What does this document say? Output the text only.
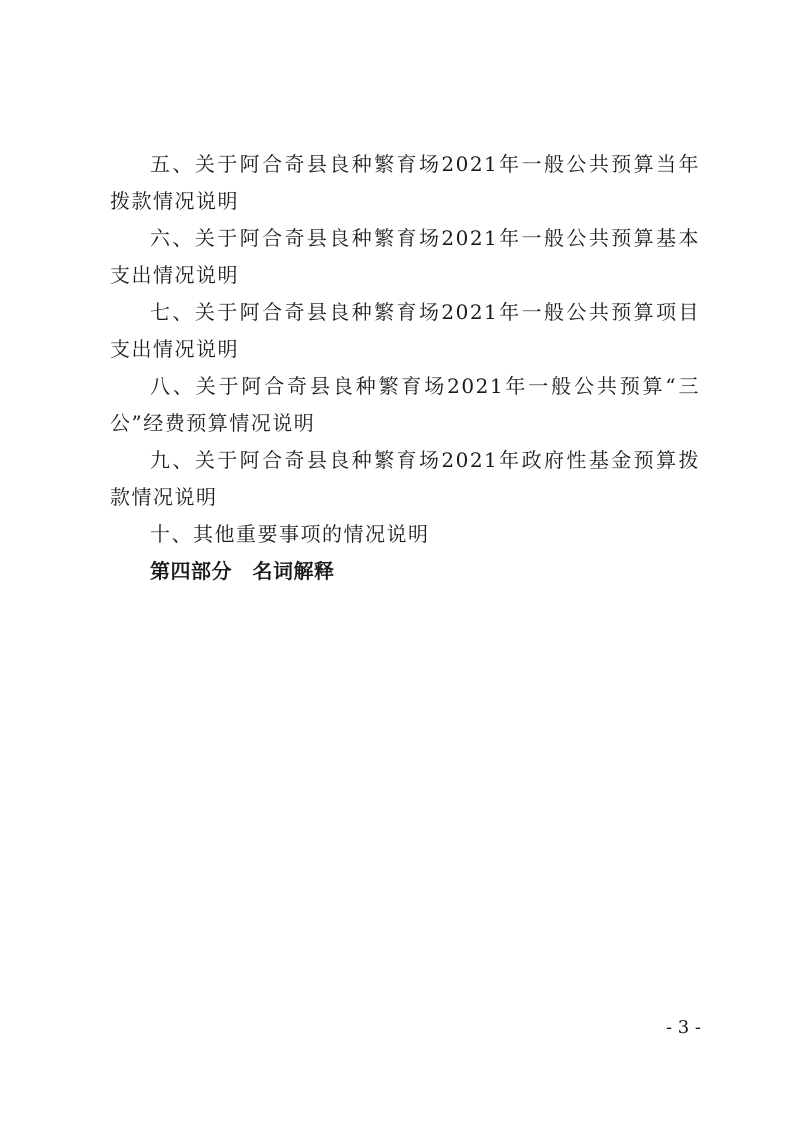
五、关于阿合奇县良种繁育场2021年一般公共预算当年拨款情况说明

六、关于阿合奇县良种繁育场2021年一般公共预算基本支出情况说明

七、关于阿合奇县良种繁育场2021年一般公共预算项目支出情况说明

八、关于阿合奇县良种繁育场2021年一般公共预算“三公”经费预算情况说明

九、关于阿合奇县良种繁育场2021年政府性基金预算拨款情况说明

十、其他重要事项的情况说明

第四部分　名词解释

- 3 -
